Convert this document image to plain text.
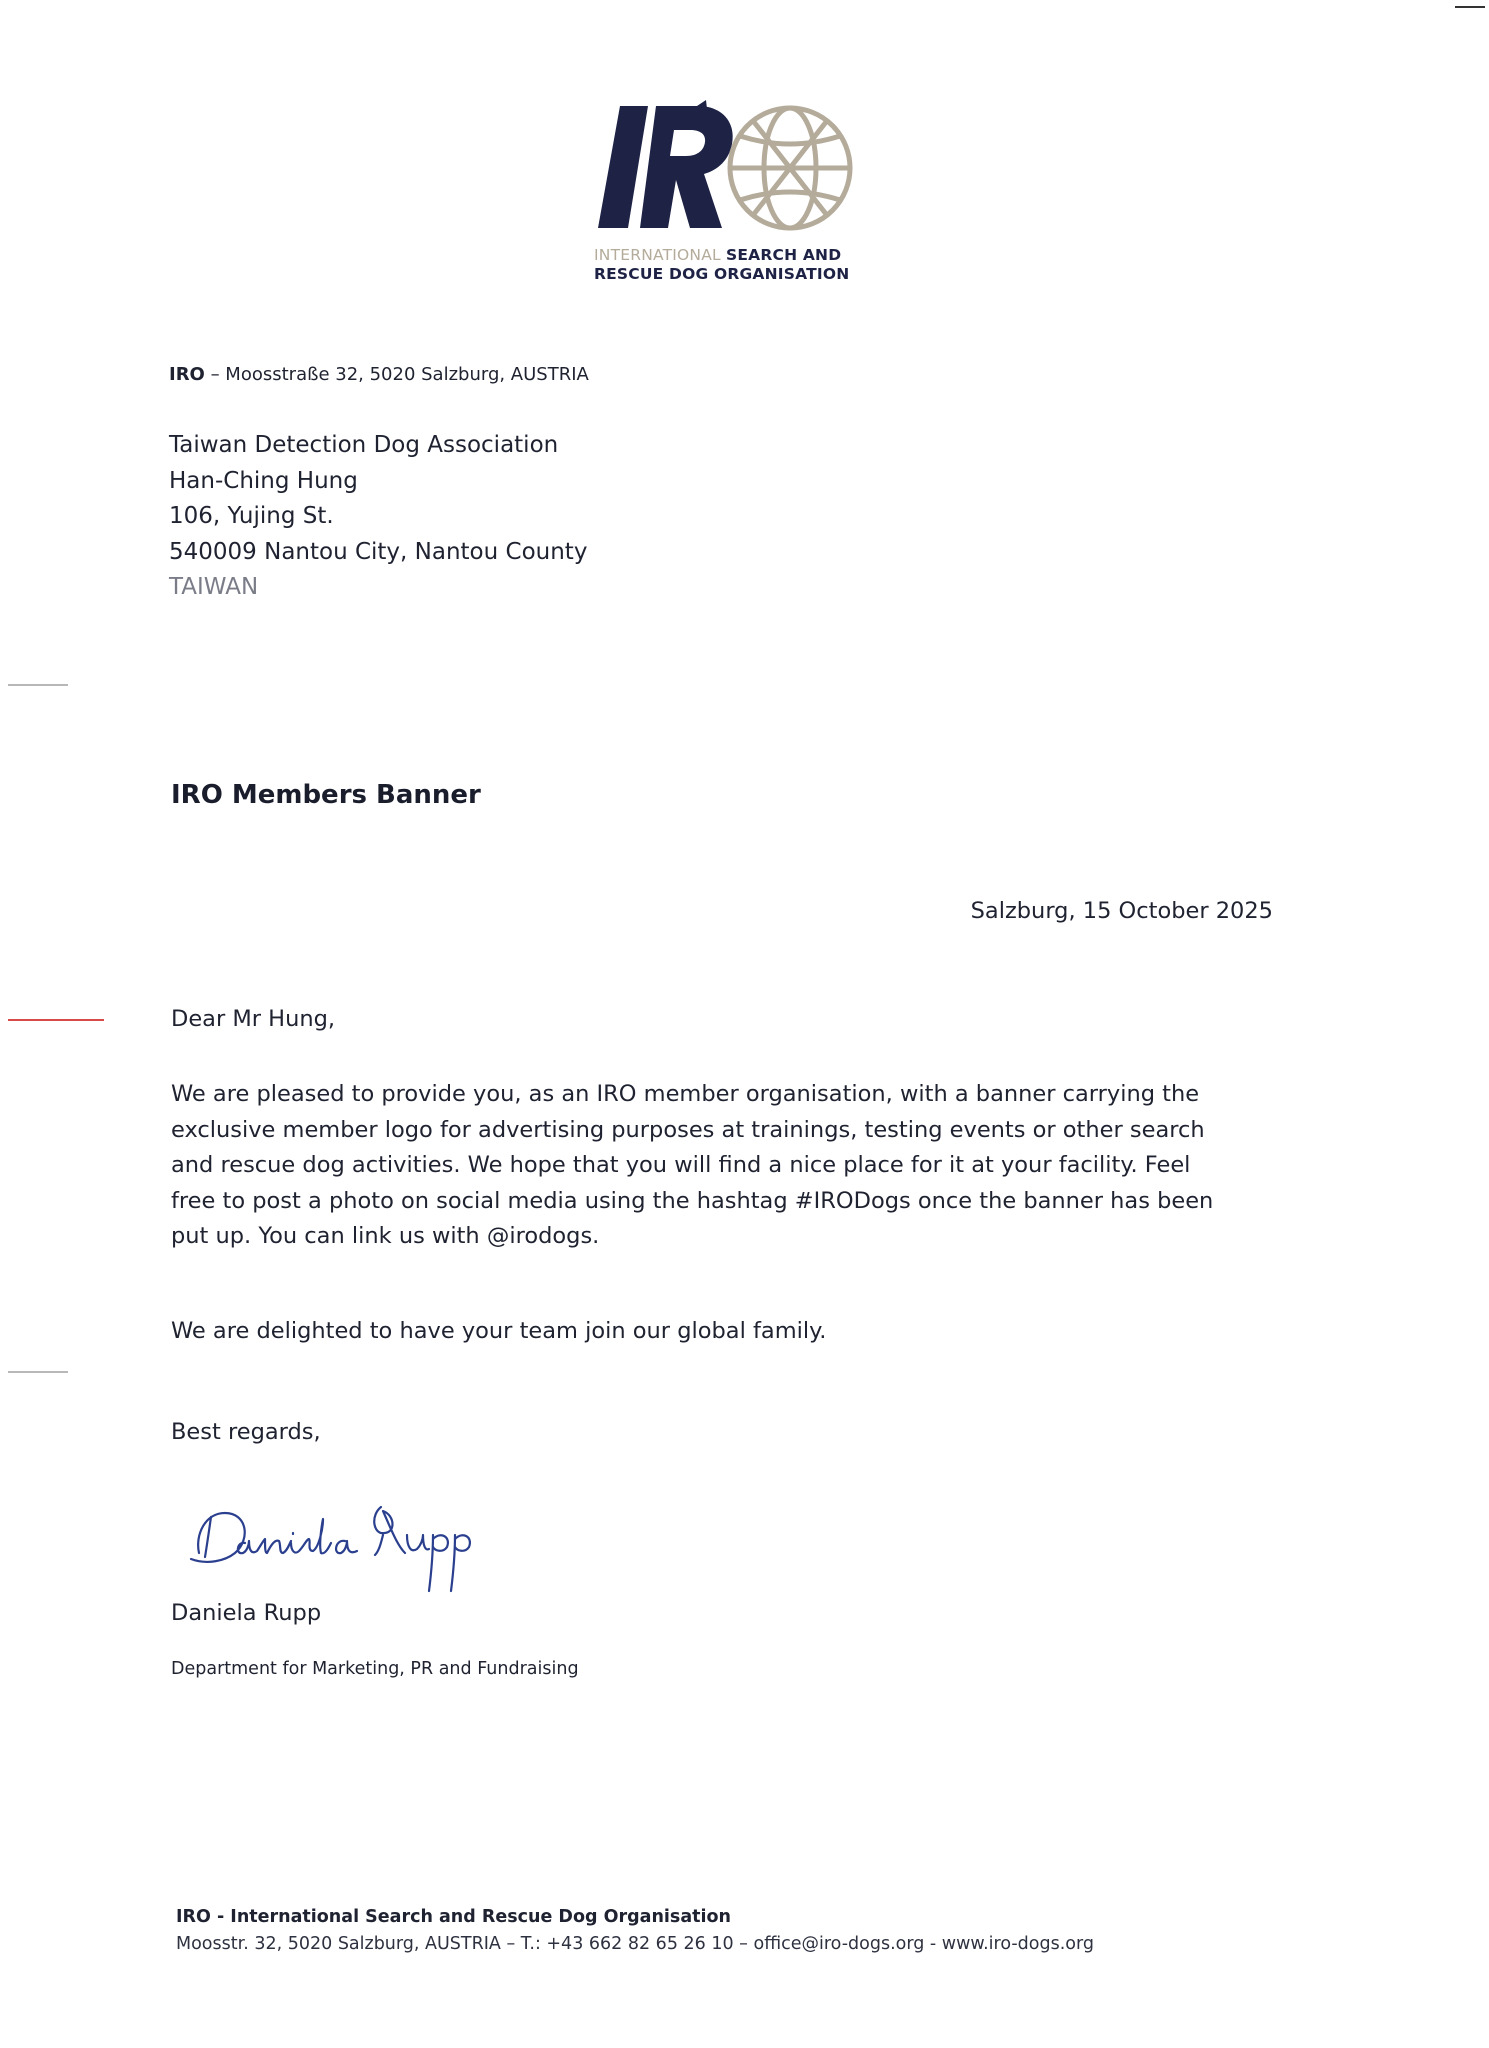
INTERNATIONAL SEARCH AND
RESCUE DOG ORGANISATION
IRO – Moosstraße 32, 5020 Salzburg, AUSTRIA
Taiwan Detection Dog Association
Han-Ching Hung
106, Yujing St.
540009 Nantou City, Nantou County
TAIWAN
IRO Members Banner
Salzburg, 15 October 2025
Dear Mr Hung,
We are pleased to provide you, as an IRO member organisation, with a banner carrying the
exclusive member logo for advertising purposes at trainings, testing events or other search
and rescue dog activities. We hope that you will find a nice place for it at your facility. Feel
free to post a photo on social media using the hashtag #IRODogs once the banner has been
put up. You can link us with @irodogs.
We are delighted to have your team join our global family.
Best regards,
Daniela Rupp
Department for Marketing, PR and Fundraising
IRO - International Search and Rescue Dog Organisation
Moosstr. 32, 5020 Salzburg, AUSTRIA – T.: +43 662 82 65 26 10 – office@iro-dogs.org - www.iro-dogs.org
